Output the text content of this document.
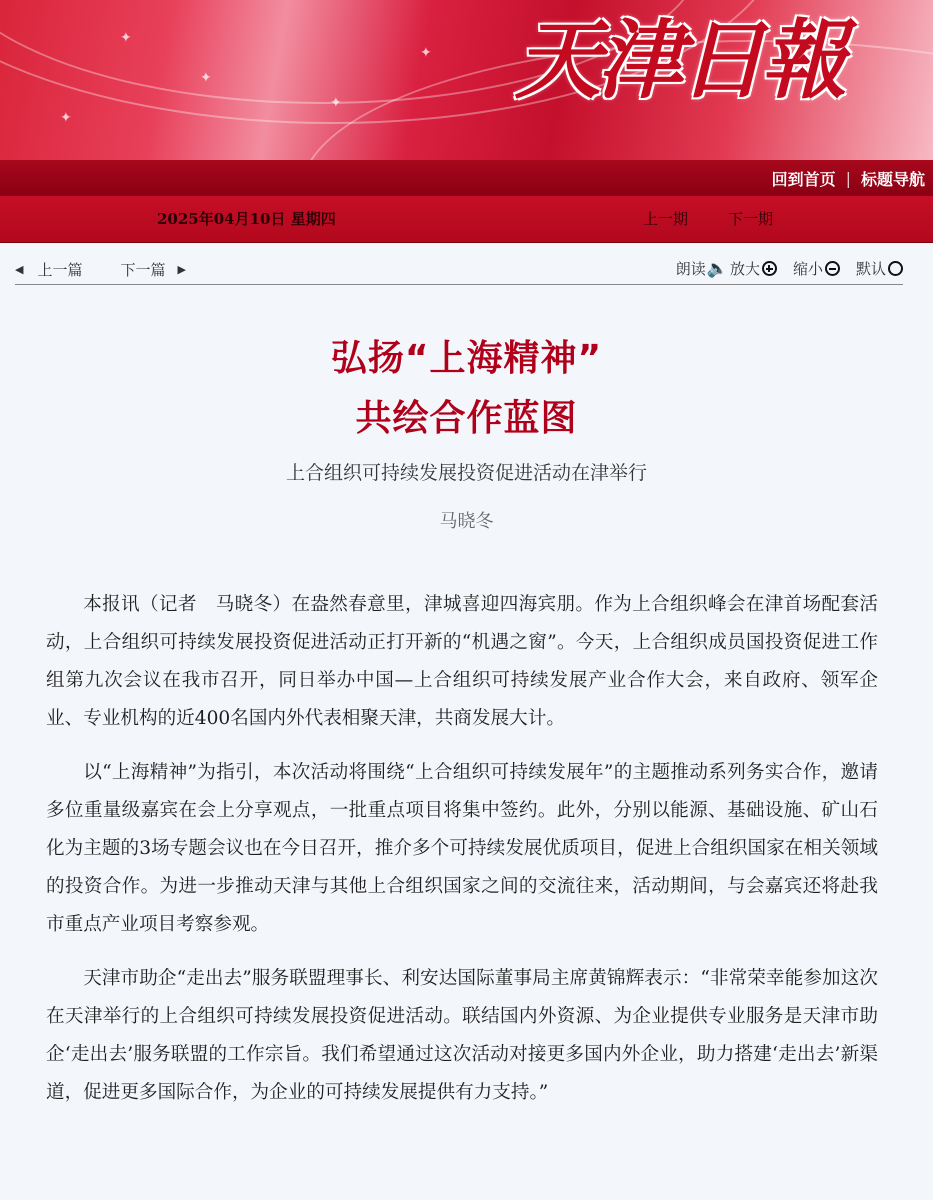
✦
✦
✦
✦
✦ 天津日報
回到首页 | 标题导航
2025年04月10日 星期四	上一期	下一期
◀ 上一篇	下一篇 ▶	朗读 🔈 放大 缩小 默认
弘扬“上海精神”
共绘合作蓝图
上合组织可持续发展投资促进活动在津举行
马晓冬

本报讯（记者　马晓冬）在盎然春意里，津城喜迎四海宾朋。作为上合组织峰会在津首场配套活动，上合组织可持续发展投资促进活动正打开新的“机遇之窗”。今天，上合组织成员国投资促进工作组第九次会议在我市召开，同日举办中国—上合组织可持续发展产业合作大会，来自政府、领军企业、专业机构的近400名国内外代表相聚天津，共商发展大计。

以“上海精神”为指引，本次活动将围绕“上合组织可持续发展年”的主题推动系列务实合作，邀请多位重量级嘉宾在会上分享观点，一批重点项目将集中签约。此外，分别以能源、基础设施、矿山石化为主题的3场专题会议也在今日召开，推介多个可持续发展优质项目，促进上合组织国家在相关领域的投资合作。为进一步推动天津与其他上合组织国家之间的交流往来，活动期间，与会嘉宾还将赴我市重点产业项目考察参观。

天津市助企“走出去”服务联盟理事长、利安达国际董事局主席黄锦辉表示：“非常荣幸能参加这次在天津举行的上合组织可持续发展投资促进活动。联结国内外资源、为企业提供专业服务是天津市助企‘走出去’服务联盟的工作宗旨。我们希望通过这次活动对接更多国内外企业，助力搭建‘走出去’新渠道，促进更多国际合作，为企业的可持续发展提供有力支持。”
